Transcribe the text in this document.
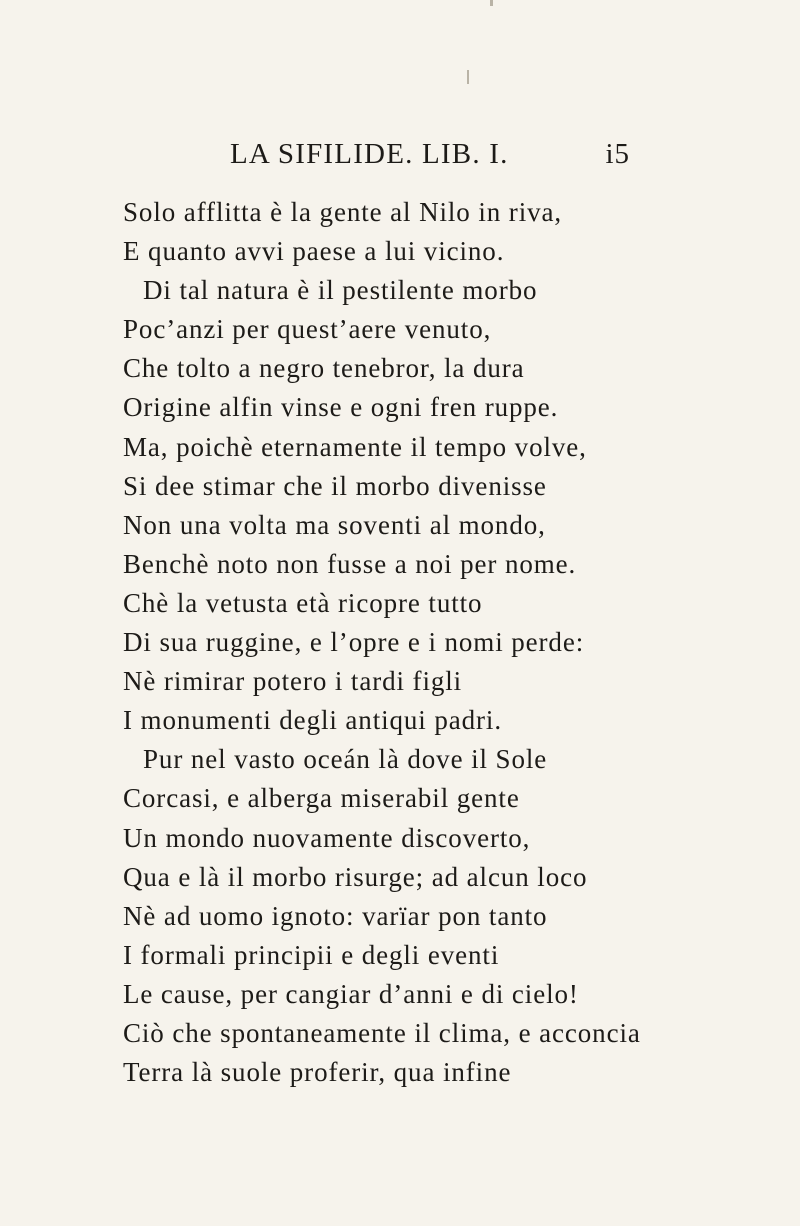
LA SIFILIDE. LIB. I.	i5
Solo afflitta è la gente al Nilo in riva,
E quanto avvi paese a lui vicino.
Di tal natura è il pestilente morbo
Poc’anzi per quest’aere venuto,
Che tolto a negro tenebror, la dura
Origine alfin vinse e ogni fren ruppe.
Ma, poichè eternamente il tempo volve,
Si dee stimar che il morbo divenisse
Non una volta ma soventi al mondo,
Benchè noto non fusse a noi per nome.
Chè la vetusta età ricopre tutto
Di sua ruggine, e l’opre e i nomi perde:
Nè rimirar potero i tardi figli
I monumenti degli antiqui padri.
Pur nel vasto oceán là dove il Sole
Corcasi, e alberga miserabil gente
Un mondo nuovamente discoverto,
Qua e là il morbo risurge; ad alcun loco
Nè ad uomo ignoto: varïar pon tanto
I formali principii e degli eventi
Le cause, per cangiar d’anni e di cielo!
Ciò che spontaneamente il clima, e acconcia
Terra là suole proferir, qua infine
